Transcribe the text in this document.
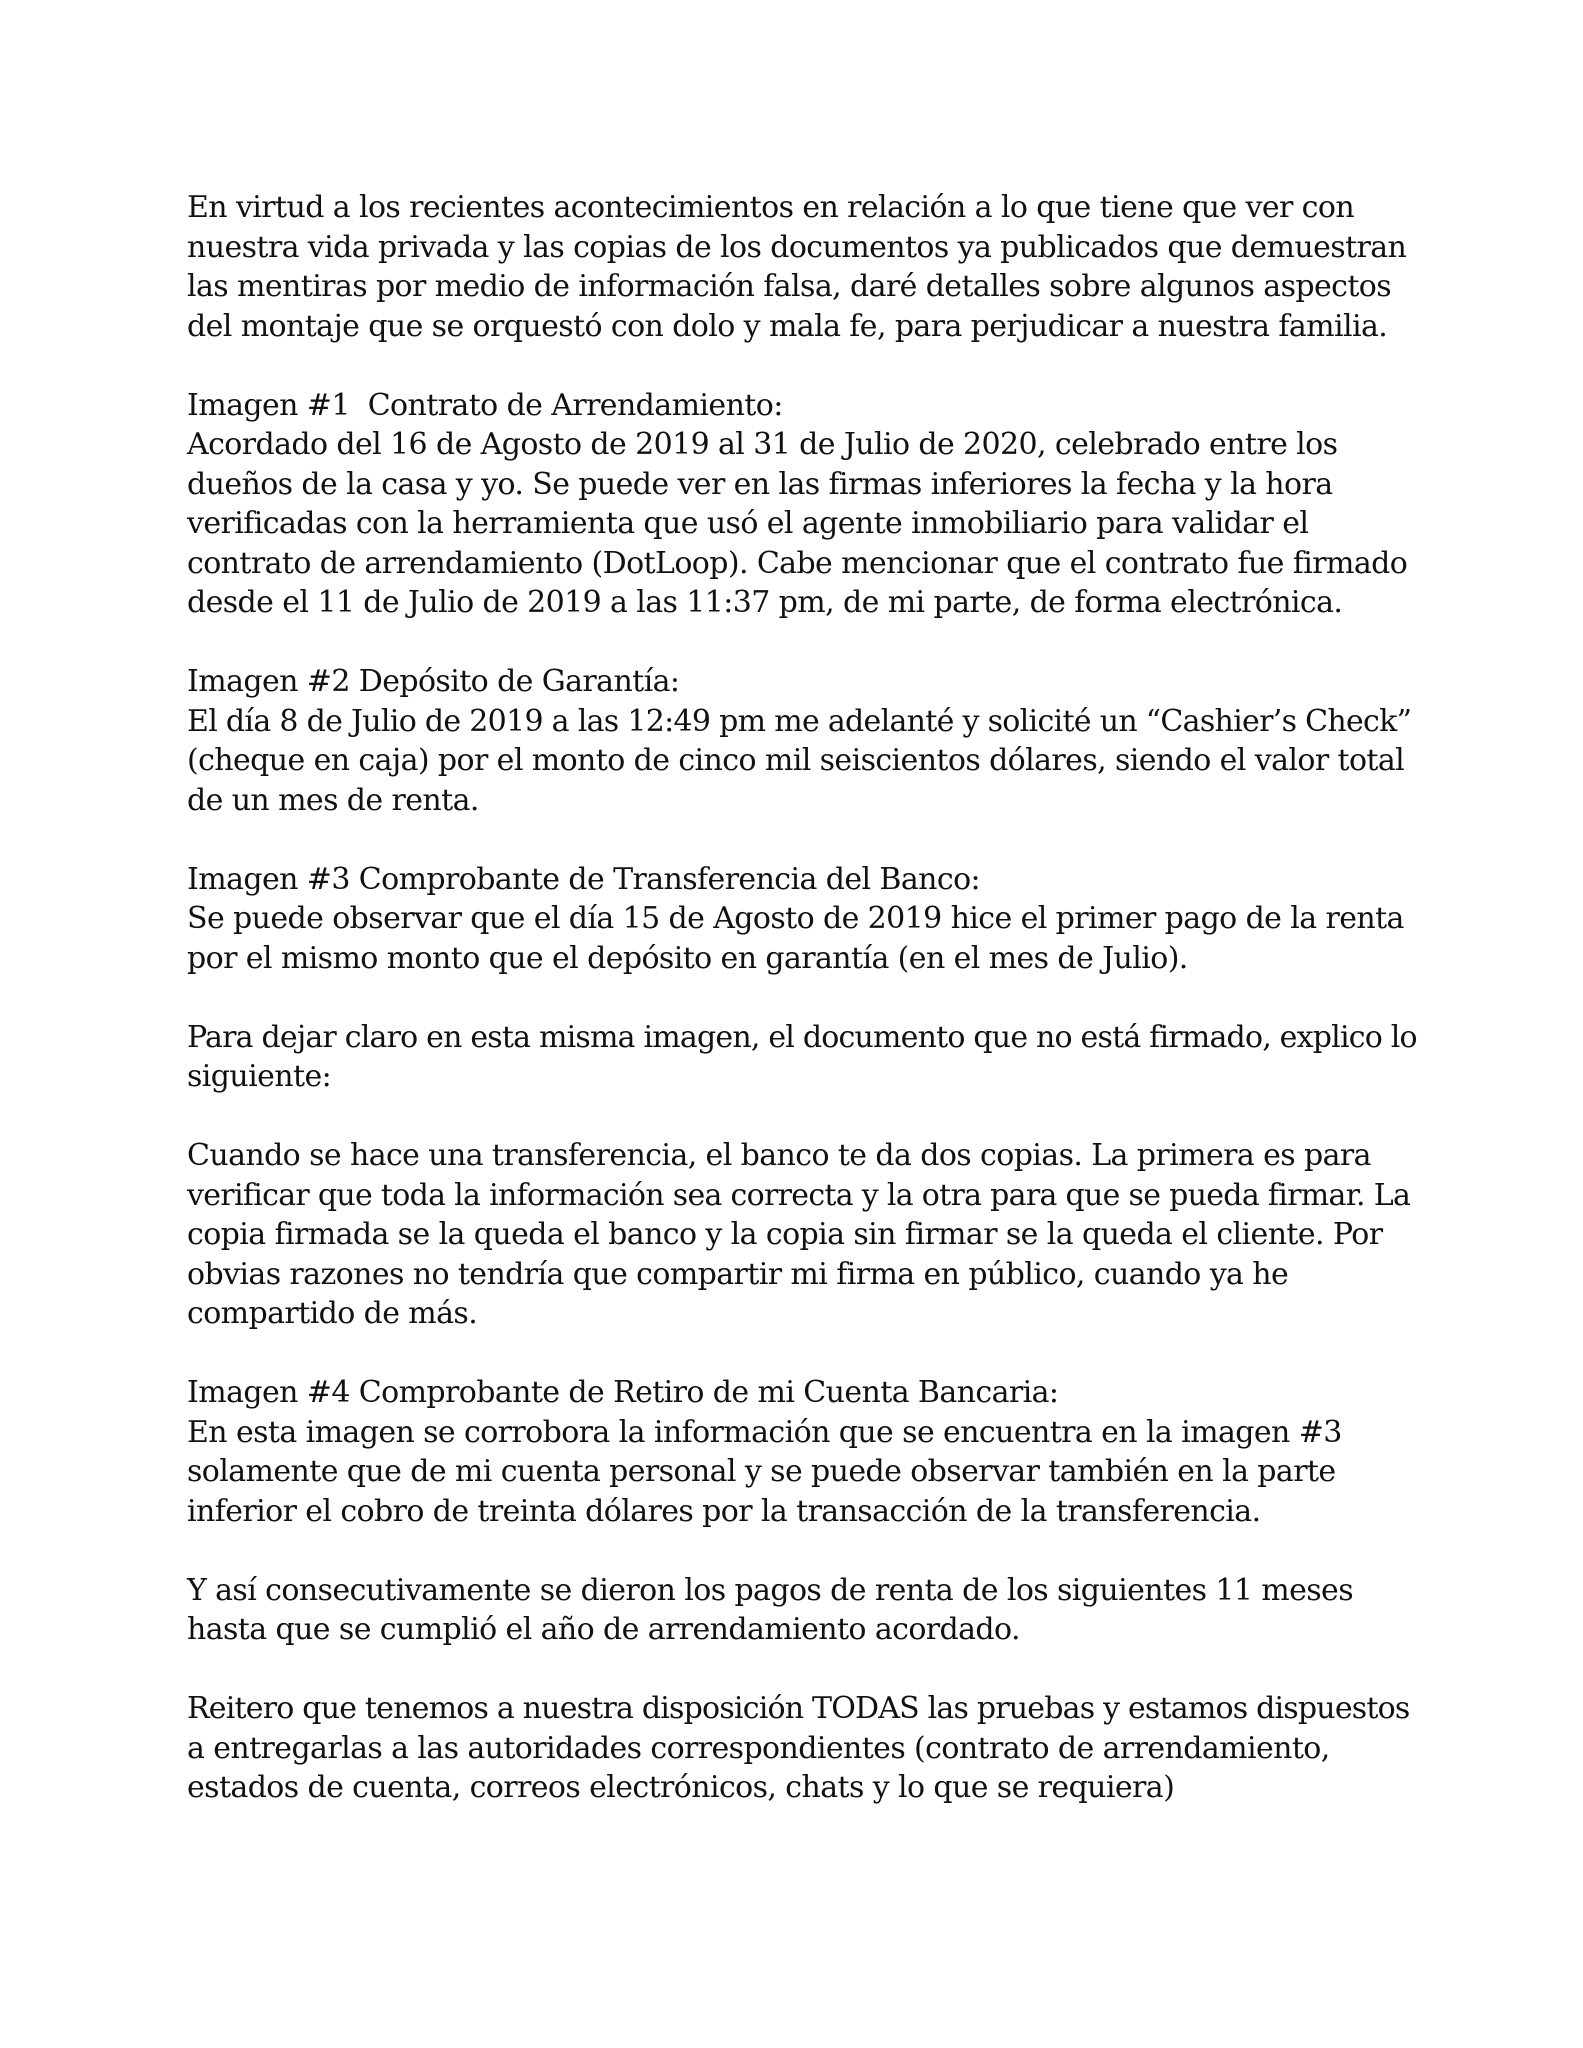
En virtud a los recientes acontecimientos en relación a lo que tiene que ver con
nuestra vida privada y las copias de los documentos ya publicados que demuestran
las mentiras por medio de información falsa, daré detalles sobre algunos aspectos
del montaje que se orquestó con dolo y mala fe, para perjudicar a nuestra familia.
Imagen #1  Contrato de Arrendamiento:
Acordado del 16 de Agosto de 2019 al 31 de Julio de 2020, celebrado entre los
dueños de la casa y yo. Se puede ver en las firmas inferiores la fecha y la hora
verificadas con la herramienta que usó el agente inmobiliario para validar el
contrato de arrendamiento (DotLoop). Cabe mencionar que el contrato fue firmado
desde el 11 de Julio de 2019 a las 11:37 pm, de mi parte, de forma electrónica.
Imagen #2 Depósito de Garantía:
El día 8 de Julio de 2019 a las 12:49 pm me adelanté y solicité un “Cashier’s Check”
(cheque en caja) por el monto de cinco mil seiscientos dólares, siendo el valor total
de un mes de renta.
Imagen #3 Comprobante de Transferencia del Banco:
Se puede observar que el día 15 de Agosto de 2019 hice el primer pago de la renta
por el mismo monto que el depósito en garantía (en el mes de Julio).
Para dejar claro en esta misma imagen, el documento que no está firmado, explico lo
siguiente:
Cuando se hace una transferencia, el banco te da dos copias. La primera es para
verificar que toda la información sea correcta y la otra para que se pueda firmar. La
copia firmada se la queda el banco y la copia sin firmar se la queda el cliente. Por
obvias razones no tendría que compartir mi firma en público, cuando ya he
compartido de más.
Imagen #4 Comprobante de Retiro de mi Cuenta Bancaria:
En esta imagen se corrobora la información que se encuentra en la imagen #3
solamente que de mi cuenta personal y se puede observar también en la parte
inferior el cobro de treinta dólares por la transacción de la transferencia.
Y así consecutivamente se dieron los pagos de renta de los siguientes 11 meses
hasta que se cumplió el año de arrendamiento acordado.
Reitero que tenemos a nuestra disposición TODAS las pruebas y estamos dispuestos
a entregarlas a las autoridades correspondientes (contrato de arrendamiento,
estados de cuenta, correos electrónicos, chats y lo que se requiera)
